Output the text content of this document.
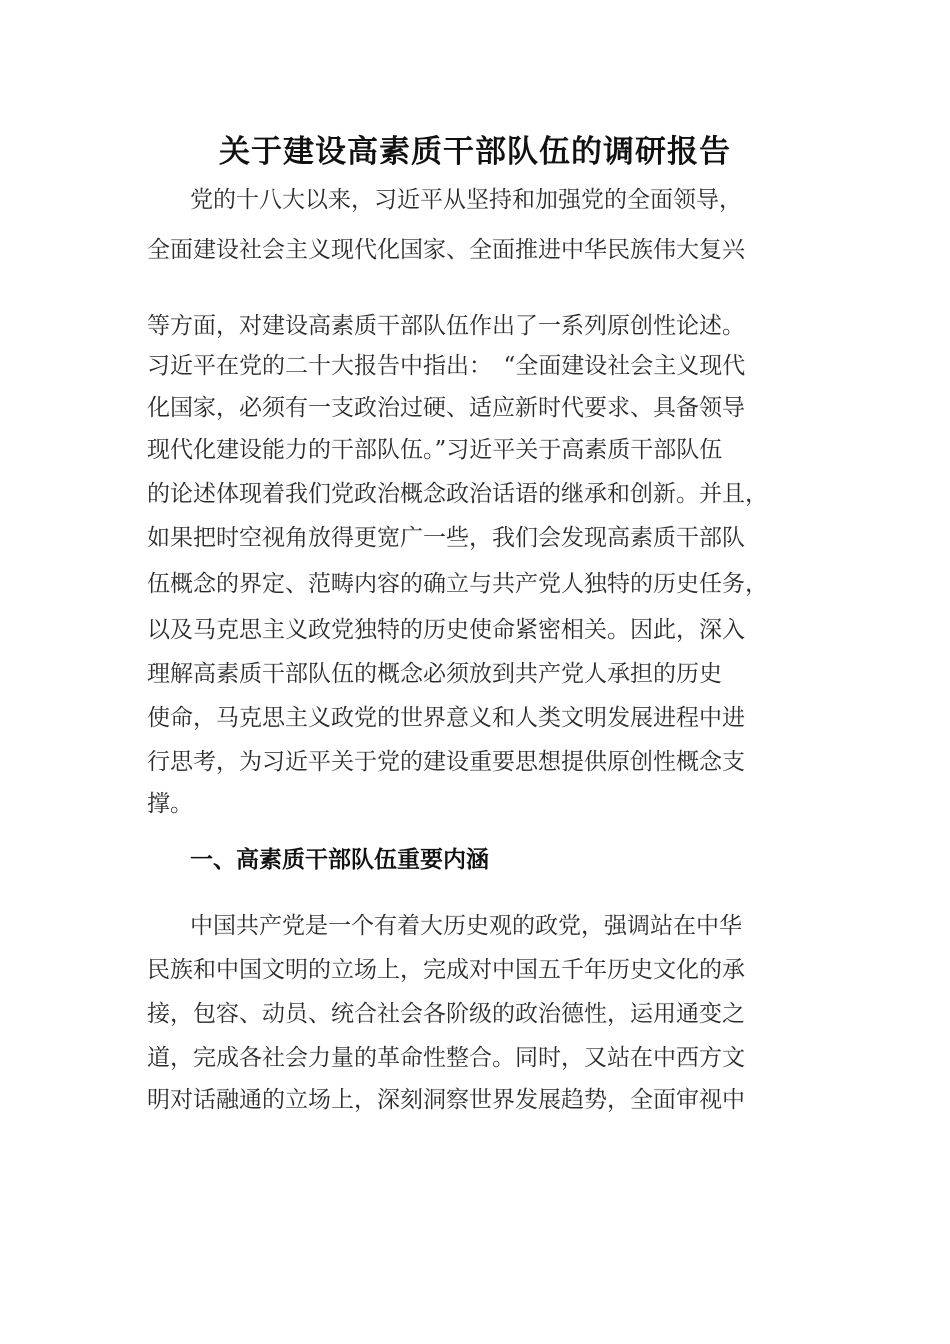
关于建设高素质干部队伍的调研报告
党的十八大以来，习近平从坚持和加强党的全面领导，
全面建设社会主义现代化国家、全面推进中华民族伟大复兴
等方面，对建设高素质干部队伍作出了一系列原创性论述。
习近平在党的二十大报告中指出：　“全面建设社会主义现代
化国家，必须有一支政治过硬、适应新时代要求、具备领导
现代化建设能力的干部队伍。”习近平关于高素质干部队伍
的论述体现着我们党政治概念政治话语的继承和创新。并且，
如果把时空视角放得更宽广一些，我们会发现高素质干部队
伍概念的界定、范畴内容的确立与共产党人独特的历史任务，
以及马克思主义政党独特的历史使命紧密相关。因此，深入
理解高素质干部队伍的概念必须放到共产党人承担的历史
使命，马克思主义政党的世界意义和人类文明发展进程中进
行思考，为习近平关于党的建设重要思想提供原创性概念支
撑。
一、高素质干部队伍重要内涵
中国共产党是一个有着大历史观的政党，强调站在中华
民族和中国文明的立场上，完成对中国五千年历史文化的承
接，包容、动员、统合社会各阶级的政治德性，运用通变之
道，完成各社会力量的革命性整合。同时，又站在中西方文
明对话融通的立场上，深刻洞察世界发展趋势，全面审视中
